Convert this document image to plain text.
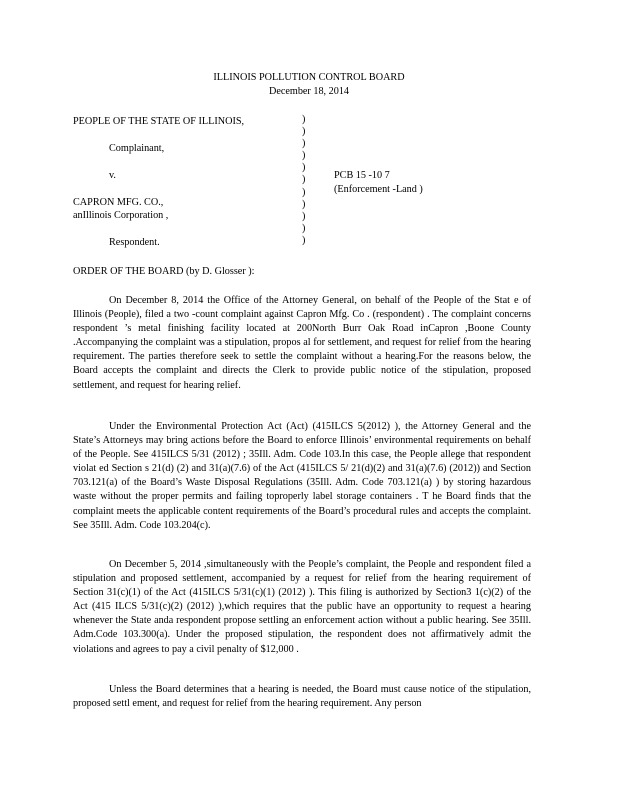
ILLINOIS POLLUTION CONTROL BOARD
December 18, 2014
PEOPLE OF THE STATE OF ILLINOIS,
Complainant,
v.
CAPRON MFG. CO.,
anIllinois Corporation ,
Respondent.
)
)
)
)
)
)
)
)
)
)
)
PCB 15 -10 7
(Enforcement -Land )
ORDER OF THE BOARD (by D. Glosser ):
On December 8, 2014 the Office of the Attorney General, on behalf of the People of the Stat e of Illinois (People), filed a two -count complaint against Capron Mfg. Co . (respondent) . The complaint concerns respondent ’s metal finishing facility located at 200North Burr Oak Road inCapron ,Boone County .Accompanying the complaint was a stipulation, propos al for settlement, and request for relief from the hearing requirement. The parties therefore seek to settle the complaint without a hearing.For the reasons below, the Board accepts the complaint and directs the Clerk to provide public notice of the stipulation, proposed settlement, and request for hearing relief.
Under the Environmental Protection Act (Act) (415ILCS 5(2012) ), the Attorney General and the State’s Attorneys may bring actions before the Board to enforce Illinois’ environmental requirements on behalf of the People. See 415ILCS 5/31 (2012) ; 35Ill. Adm. Code 103.In this case, the People allege that respondent violat ed Section s 21(d) (2) and 31(a)(7.6) of the Act (415ILCS 5/ 21(d)(2) and 31(a)(7.6) (2012)) and Section 703.121(a) of the Board’s Waste Disposal Regulations (35Ill. Adm. Code 703.121(a) ) by storing hazardous waste without the proper permits and failing toproperly label storage containers . T he Board finds that the complaint meets the applicable content requirements of the Board’s procedural rules and accepts the complaint. See 35Ill. Adm. Code 103.204(c).
On December 5, 2014 ,simultaneously with the People’s complaint, the People and respondent filed a stipulation and proposed settlement, accompanied by a request for relief from the hearing requirement of Section 31(c)(1) of the Act (415ILCS 5/31(c)(1) (2012) ). This filing is authorized by Section3 1(c)(2) of the Act (415 ILCS 5/31(c)(2) (2012) ),which requires that the public have an opportunity to request a hearing whenever the State anda respondent propose settling an enforcement action without a public hearing. See 35Ill. Adm.Code 103.300(a). Under the proposed stipulation, the respondent does not affirmatively admit the violations and agrees to pay a civil penalty of $12,000 .
Unless the Board determines that a hearing is needed, the Board must cause notice of the stipulation, proposed settl ement, and request for relief from the hearing requirement. Any person
